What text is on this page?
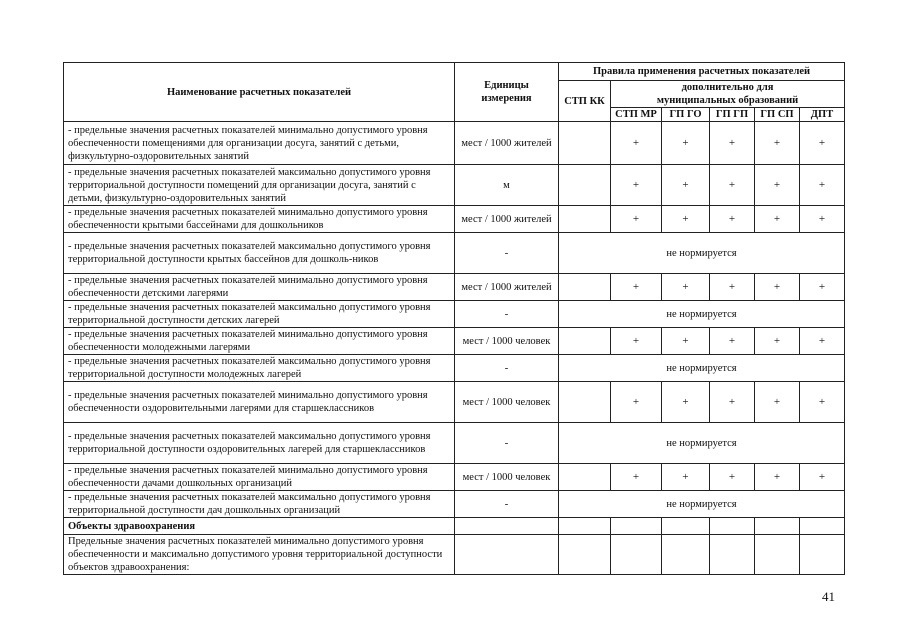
Наименование расчетных показателей	Единицы измерения	Правила применения расчетных показателей					
		СТП КК	дополнительно для муниципальных образований				
			СТП МР	ГП ГО	ГП ГП	ГП СП	ДПТ
- предельные значения расчетных показателей минимально допустимого уровня обеспеченности помещениями для организации досуга, занятий с детьми, физкультурно-оздоровительных занятий	мест / 1000 жителей		+	+	+	+	+
- предельные значения расчетных показателей максимально допустимого уровня территориальной доступности помещений для организации досуга, занятий с детьми, физкультурно-оздоровительных занятий	м		+	+	+	+	+
- предельные значения расчетных показателей минимально допустимого уровня обеспеченности крытыми бассейнами для дошкольников	мест / 1000 жителей		+	+	+	+	+
- предельные значения расчетных показателей максимально допустимого уровня территориальной доступности крытых бассейнов для дошколь-ников	-	не нормируется					
- предельные значения расчетных показателей минимально допустимого уровня обеспеченности детскими лагерями	мест / 1000 жителей		+	+	+	+	+
- предельные значения расчетных показателей максимально допустимого уровня территориальной доступности детских лагерей	-	не нормируется					
- предельные значения расчетных показателей минимально допустимого уровня обеспеченности молодежными лагерями	мест / 1000 человек		+	+	+	+	+
- предельные значения расчетных показателей максимально допустимого уровня территориальной доступности молодежных лагерей	-	не нормируется					
- предельные значения расчетных показателей минимально допустимого уровня обеспеченности оздоровительными лагерями для старшеклассников	мест / 1000 человек		+	+	+	+	+
- предельные значения расчетных показателей максимально допустимого уровня территориальной доступности оздоровительных лагерей для старшеклассников	-	не нормируется					
- предельные значения расчетных показателей минимально допустимого уровня обеспеченности дачами дошкольных организаций	мест / 1000 человек		+	+	+	+	+
- предельные значения расчетных показателей максимально допустимого уровня территориальной доступности дач дошкольных организаций	-	не нормируется					
Объекты здравоохранения							
Предельные значения расчетных показателей минимально допустимого уровня обеспеченности и максимально допустимого уровня территориальной доступности объектов здравоохранения:							
41
